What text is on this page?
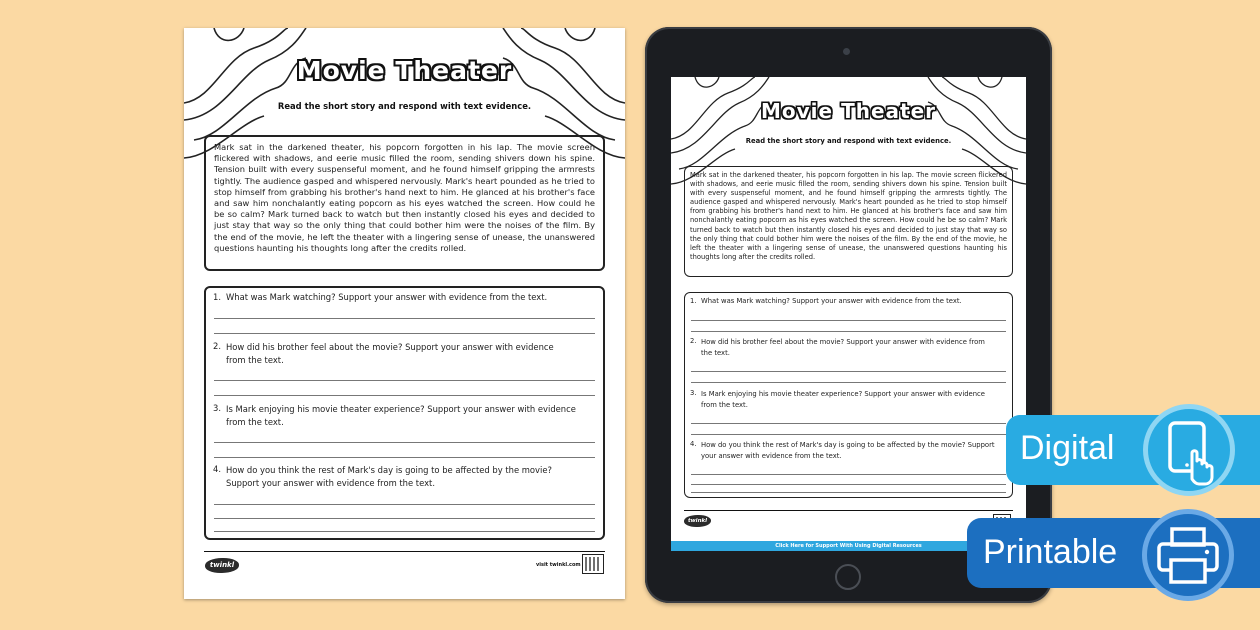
Movie Theater
Read the short story and respond with text evidence.
Mark sat in the darkened theater, his popcorn forgotten in his lap. The movie screen flickered with shadows, and eerie music filled the room, sending shivers down his spine. Tension built with every suspenseful moment, and he found himself gripping the armrests tightly. The audience gasped and whispered nervously. Mark's heart pounded as he tried to stop himself from grabbing his brother's hand next to him. He glanced at his brother's face and saw him nonchalantly eating popcorn as his eyes watched the screen. How could he be so calm? Mark turned back to watch but then instantly closed his eyes and decided to just stay that way so the only thing that could bother him were the noises of the film. By the end of the movie, he left the theater with a lingering sense of unease, the unanswered questions haunting his thoughts long after the credits rolled.
1. What was Mark watching? Support your answer with evidence from the text.
2. How did his brother feel about the movie? Support your answer with evidence from the text.
3. Is Mark enjoying his movie theater experience? Support your answer with evidence from the text.
4. How do you think the rest of Mark's day is going to be affected by the movie? Support your answer with evidence from the text.
twinkl	visit twinkl.com
Movie Theater
Read the short story and respond with text evidence.
Mark sat in the darkened theater, his popcorn forgotten in his lap. The movie screen flickered with shadows, and eerie music filled the room, sending shivers down his spine. Tension built with every suspenseful moment, and he found himself gripping the armrests tightly. The audience gasped and whispered nervously. Mark's heart pounded as he tried to stop himself from grabbing his brother's hand next to him. He glanced at his brother's face and saw him nonchalantly eating popcorn as his eyes watched the screen. How could he be so calm? Mark turned back to watch but then instantly closed his eyes and decided to just stay that way so the only thing that could bother him were the noises of the film. By the end of the movie, he left the theater with a lingering sense of unease, the unanswered questions haunting his thoughts long after the credits rolled.
1. What was Mark watching? Support your answer with evidence from the text.
2. How did his brother feel about the movie? Support your answer with evidence from the text.
3. Is Mark enjoying his movie theater experience? Support your answer with evidence from the text.
4. How do you think the rest of Mark's day is going to be affected by the movie? Support your answer with evidence from the text.
twinkl
Click Here for Support With Using Digital Resources
Digital
Printable
